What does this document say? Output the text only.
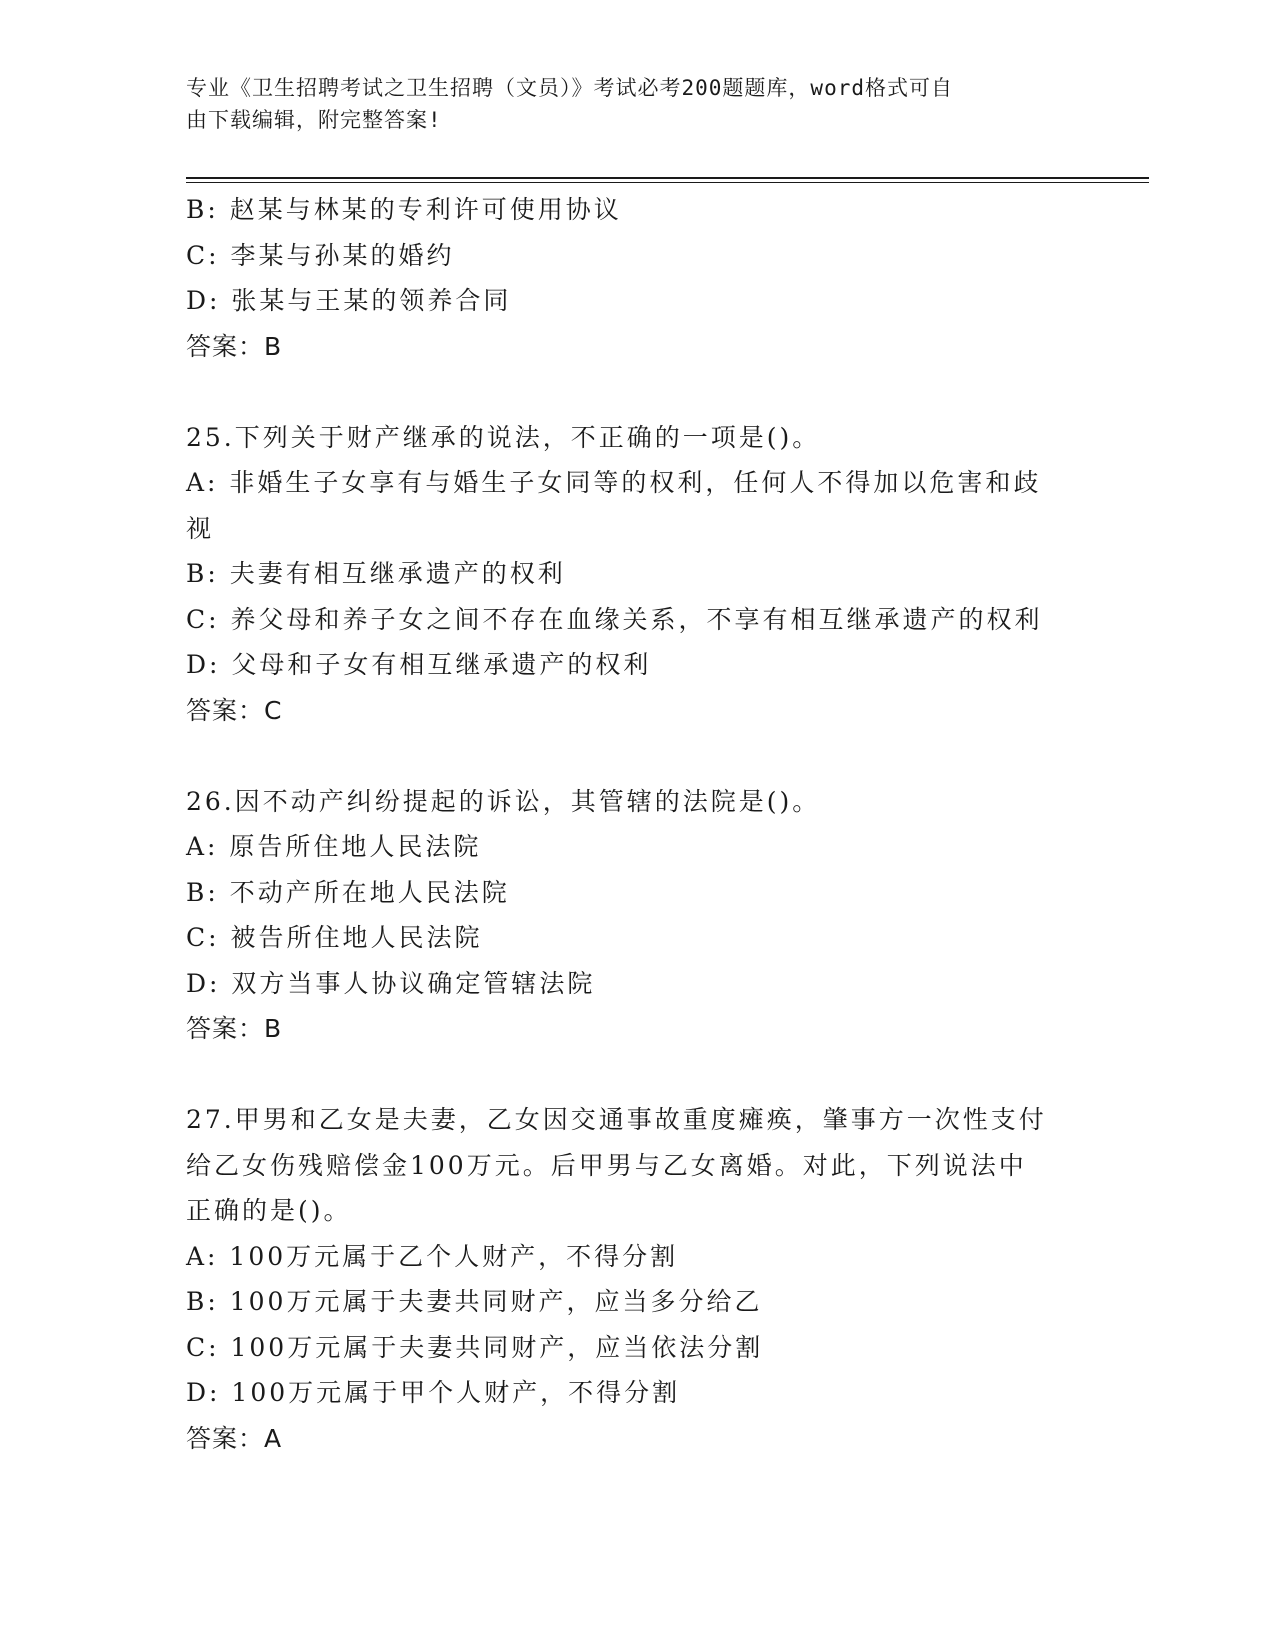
专业《卫生招聘考试之卫生招聘（文员）》考试必考200题题库，word格式可自
由下载编辑，附完整答案!
B: 赵某与林某的专利许可使用协议
C: 李某与孙某的婚约
D: 张某与王某的领养合同
答案：B
25.下列关于财产继承的说法，不正确的一项是()。
A: 非婚生子女享有与婚生子女同等的权利，任何人不得加以危害和歧
视
B: 夫妻有相互继承遗产的权利
C: 养父母和养子女之间不存在血缘关系，不享有相互继承遗产的权利
D: 父母和子女有相互继承遗产的权利
答案：C
26.因不动产纠纷提起的诉讼，其管辖的法院是()。
A: 原告所住地人民法院
B: 不动产所在地人民法院
C: 被告所住地人民法院
D: 双方当事人协议确定管辖法院
答案：B
27.甲男和乙女是夫妻，乙女因交通事故重度瘫痪，肇事方一次性支付
给乙女伤残赔偿金100万元。后甲男与乙女离婚。对此，下列说法中
正确的是()。
A: 100万元属于乙个人财产，不得分割
B: 100万元属于夫妻共同财产，应当多分给乙
C: 100万元属于夫妻共同财产，应当依法分割
D: 100万元属于甲个人财产，不得分割
答案：A
